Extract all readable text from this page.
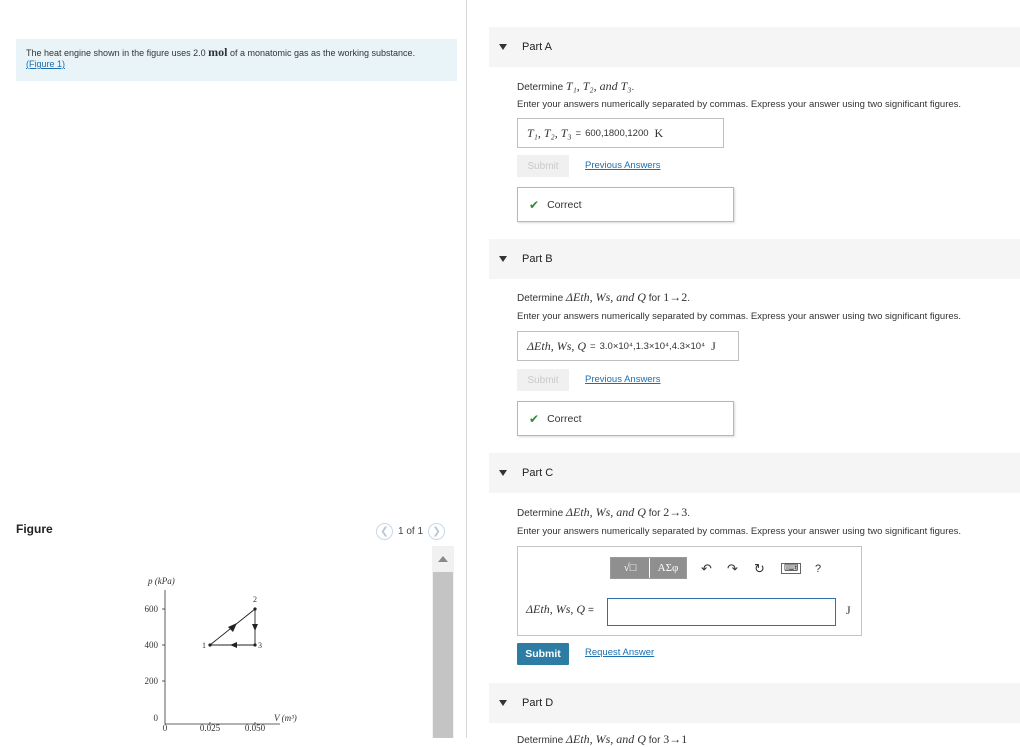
The heat engine shown in the figure uses 2.0 mol of a monatomic gas as the working substance.
(Figure 1)
Figure	❮ 1 of 1 ❯
p (kPa)
V (m³)
600
400
200
0
0	0.025	0.050
1
2
3
Part A
Determine T₁, T₂, and T₃.
Enter your answers numerically separated by commas. Express your answer using two significant figures.
T₁, T₂, T₃ = 600,1800,1200 K
Submit	Previous Answers
✔ Correct
Part B
Determine ΔEth, Ws, and Q for 1→2.
Enter your answers numerically separated by commas. Express your answer using two significant figures.
ΔEth, Ws, Q = 3.0×10⁴,1.3×10⁴,4.3×10⁴ J
Submit	Previous Answers
✔ Correct
Part C
Determine ΔEth, Ws, and Q for 2→3.
Enter your answers numerically separated by commas. Express your answer using two significant figures.
√□	ΑΣφ	↶ ↷ ↻	⌨ ?
ΔEth, Ws, Q =	J
Submit	Request Answer
Part D
Determine ΔEth, Ws, and Q for 3→1
